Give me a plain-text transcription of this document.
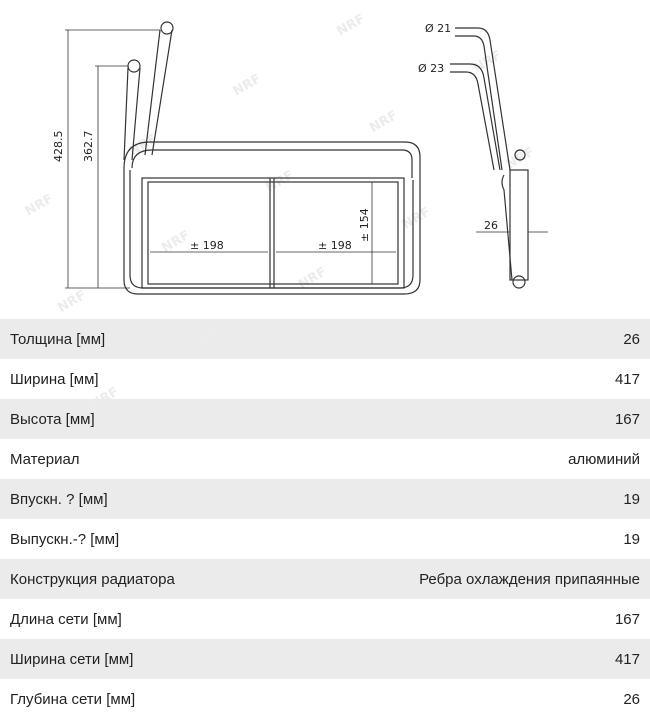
NRF
NRF
NRF
NRF
NRF
NRF
NRF
NRF
NRF
NRF
NRF
NRF
NRF
NRF
428.5 362.7
± 198	± 198
± 154
Ø 21
Ø 23
26
Толщина [мм]	26
Ширина [мм]	417
Высота [мм]	167
Материал	алюминий
Впускн. ? [мм]	19
Выпускн.-? [мм]	19
Конструкция радиатора	Ребра охлаждения припаянные
Длина сети [мм]	167
Ширина сети [мм]	417
Глубина сети [мм]	26
